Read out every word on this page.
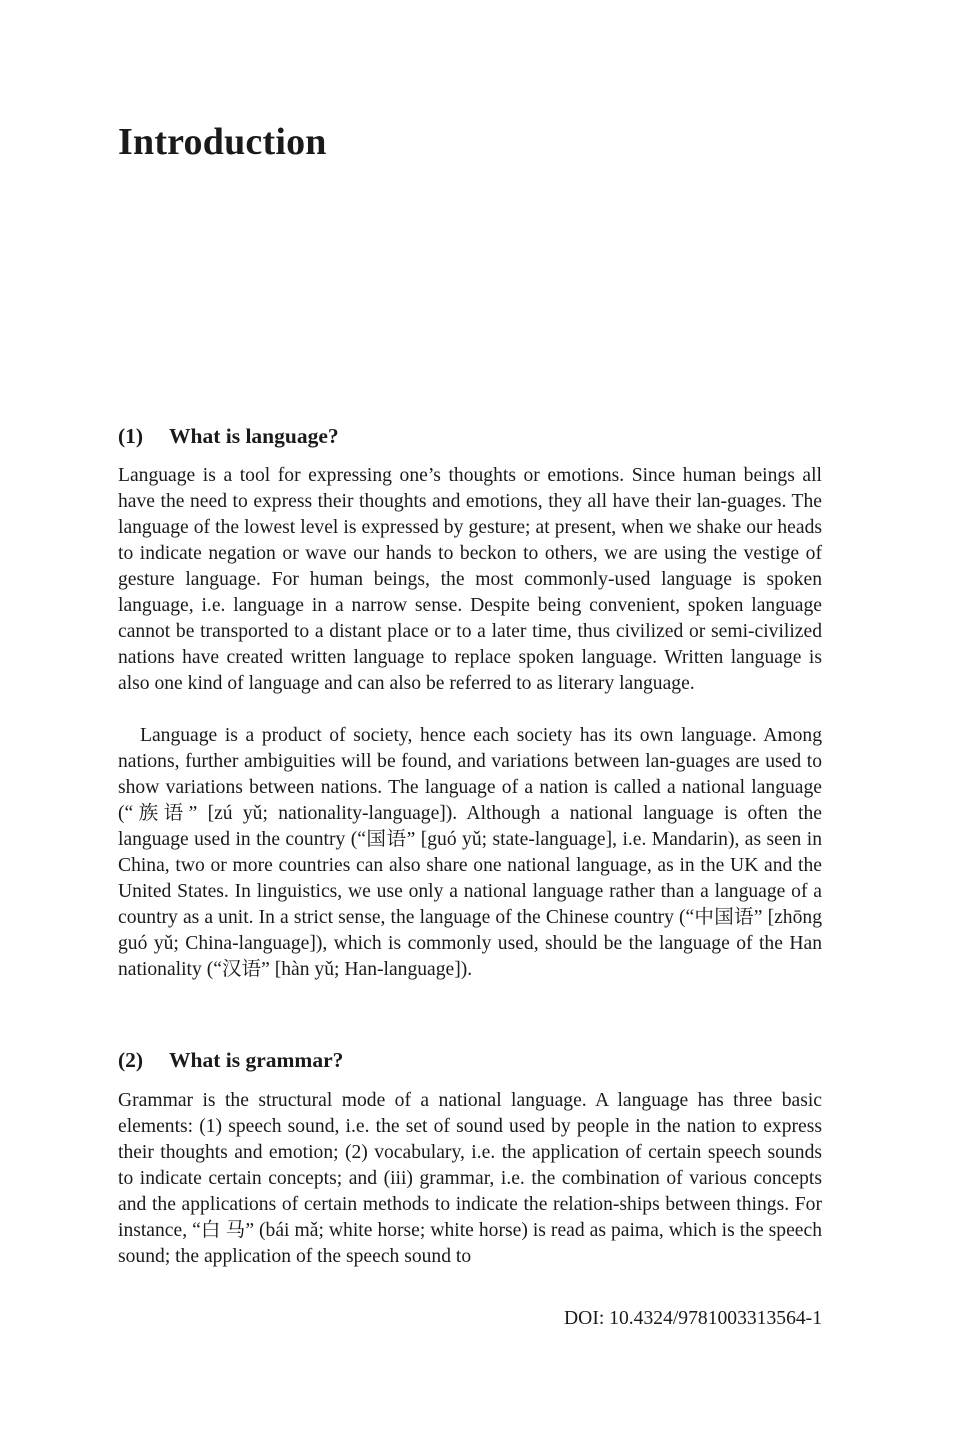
Introduction
(1) What is language?

Language is a tool for expressing one’s thoughts or emotions. Since human beings all have the need to express their thoughts and emotions, they all have their lan-guages. The language of the lowest level is expressed by gesture; at present, when we shake our heads to indicate negation or wave our hands to beckon to others, we are using the vestige of gesture language. For human beings, the most commonly-used language is spoken language, i.e. language in a narrow sense. Despite being convenient, spoken language cannot be transported to a distant place or to a later time, thus civilized or semi-civilized nations have created written language to replace spoken language. Written language is also one kind of language and can also be referred to as literary language.

Language is a product of society, hence each society has its own language. Among nations, further ambiguities will be found, and variations between lan-guages are used to show variations between nations. The language of a nation is called a national language (“族语” [zú yǔ; nationality-language]). Although a national language is often the language used in the country (“国语” [guó yǔ; state-language], i.e. Mandarin), as seen in China, two or more countries can also share one national language, as in the UK and the United States. In linguistics, we use only a national language rather than a language of a country as a unit. In a strict sense, the language of the Chinese country (“中国语” [zhōng guó yǔ; China-language]), which is commonly used, should be the language of the Han nationality (“汉语” [hàn yǔ; Han-language]).

(2) What is grammar?

Grammar is the structural mode of a national language. A language has three basic elements: (1) speech sound, i.e. the set of sound used by people in the nation to express their thoughts and emotion; (2) vocabulary, i.e. the application of certain speech sounds to indicate certain concepts; and (iii) grammar, i.e. the combination of various concepts and the applications of certain methods to indicate the relation-ships between things. For instance, “白 马” (bái mǎ; white horse; white horse) is read as paima, which is the speech sound; the application of the speech sound to

DOI: 10.4324/9781003313564-1
